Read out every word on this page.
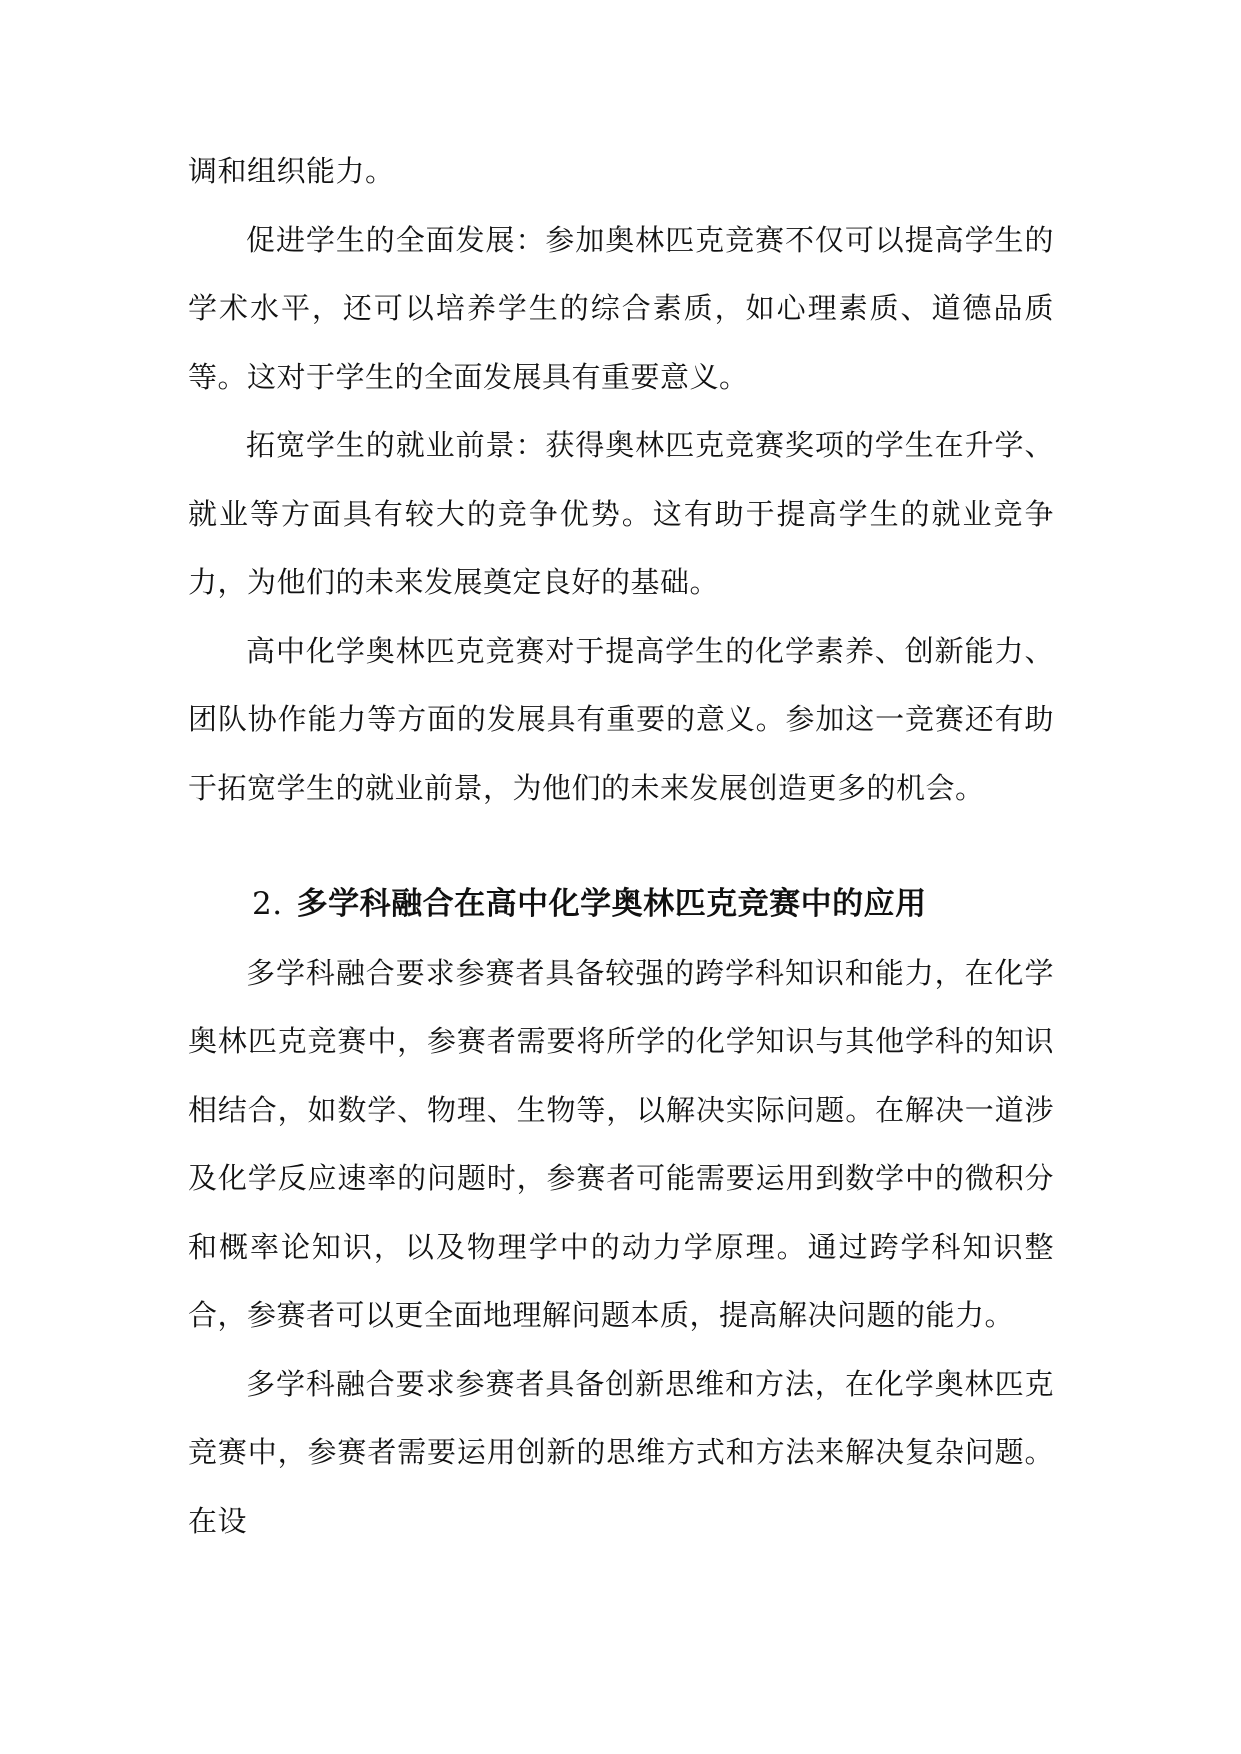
调和组织能力。

促进学生的全面发展：参加奥林匹克竞赛不仅可以提高学生的学术水平，还可以培养学生的综合素质，如心理素质、道德品质等。这对于学生的全面发展具有重要意义。

拓宽学生的就业前景：获得奥林匹克竞赛奖项的学生在升学、就业等方面具有较大的竞争优势。这有助于提高学生的就业竞争力，为他们的未来发展奠定良好的基础。

高中化学奥林匹克竞赛对于提高学生的化学素养、创新能力、团队协作能力等方面的发展具有重要的意义。参加这一竞赛还有助于拓宽学生的就业前景，为他们的未来发展创造更多的机会。

2. 多学科融合在高中化学奥林匹克竞赛中的应用

多学科融合要求参赛者具备较强的跨学科知识和能力，在化学奥林匹克竞赛中，参赛者需要将所学的化学知识与其他学科的知识相结合，如数学、物理、生物等，以解决实际问题。在解决一道涉及化学反应速率的问题时，参赛者可能需要运用到数学中的微积分和概率论知识，以及物理学中的动力学原理。通过跨学科知识整合，参赛者可以更全面地理解问题本质，提高解决问题的能力。

多学科融合要求参赛者具备创新思维和方法，在化学奥林匹克竞赛中，参赛者需要运用创新的思维方式和方法来解决复杂问题。在设
